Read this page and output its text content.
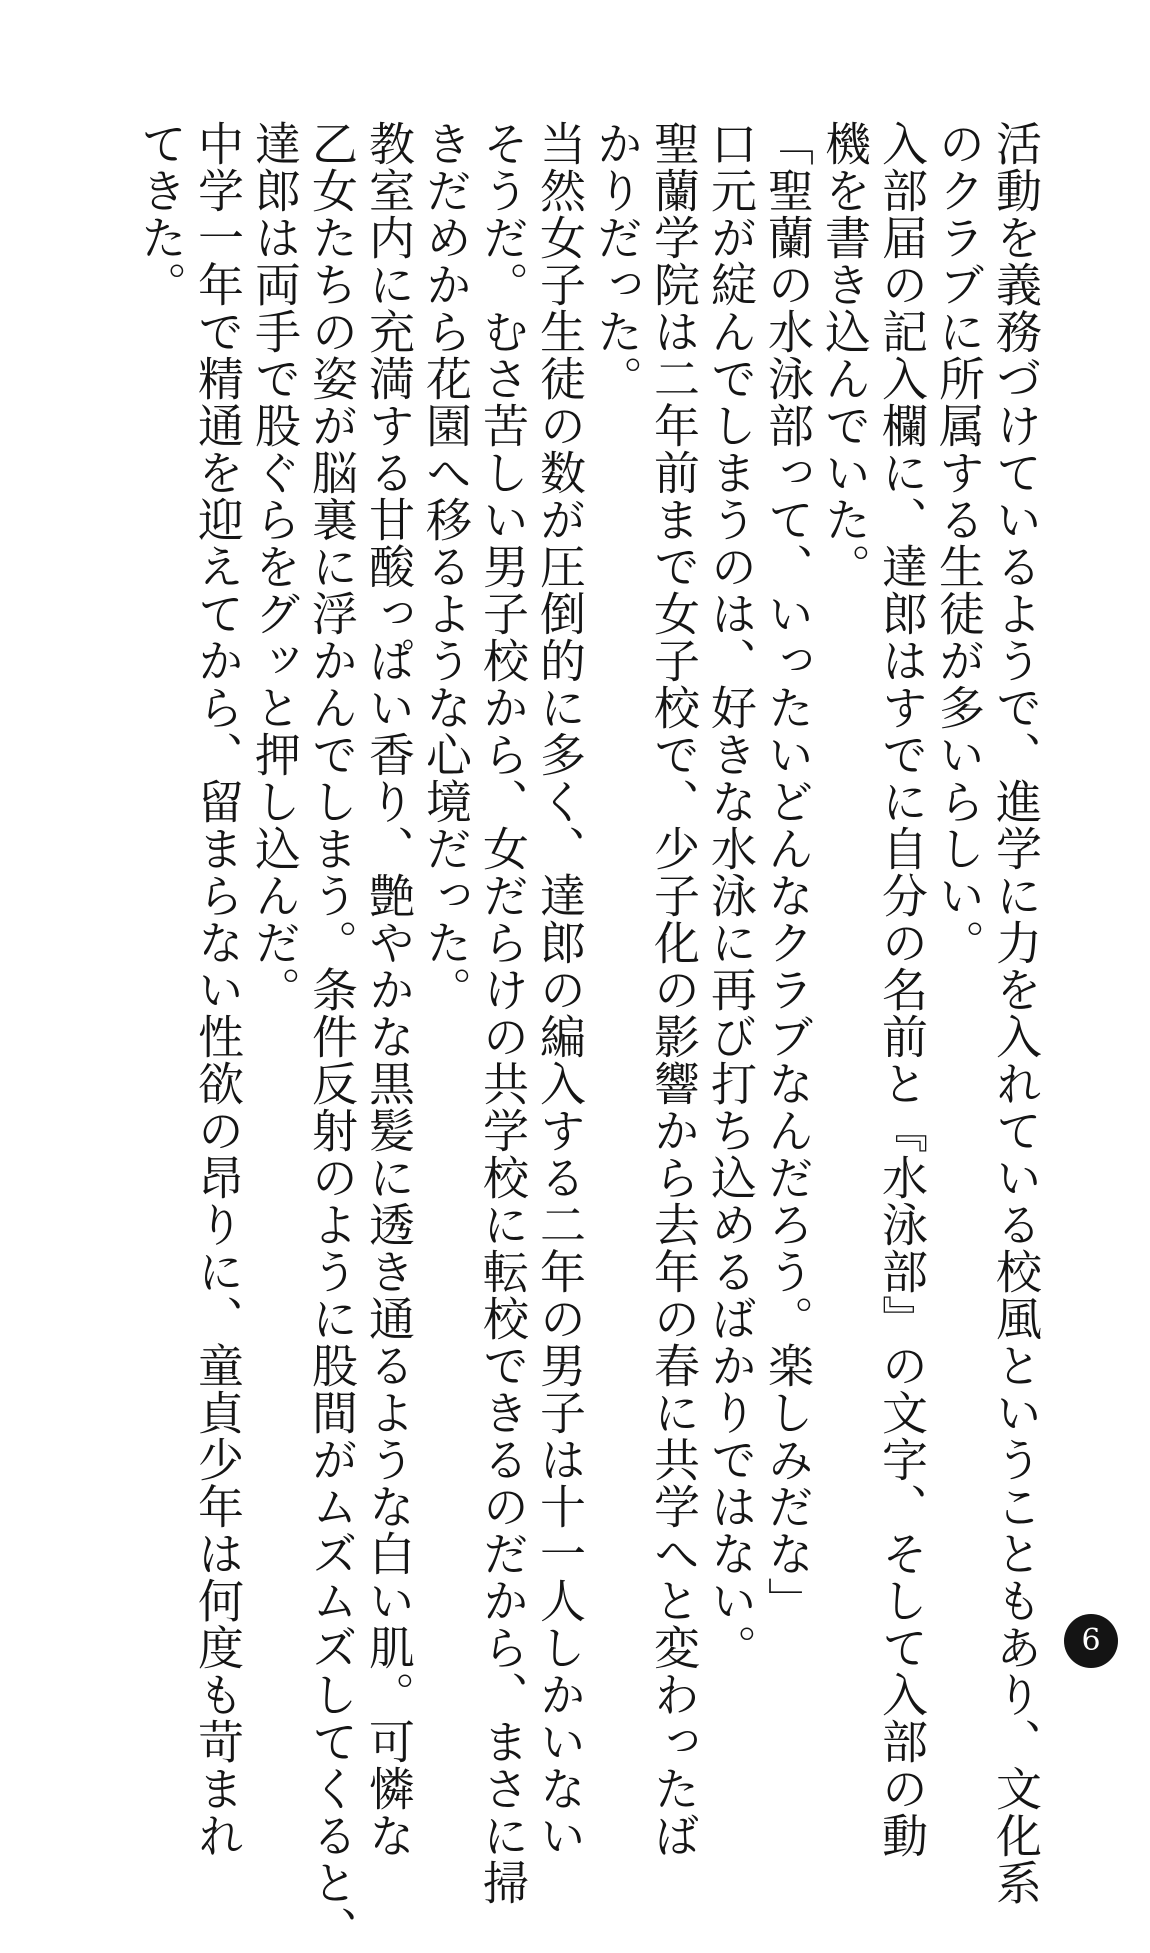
活動を義務づけているようで、進学に力を入れている校風ということもあり、文化系
のクラブに所属する生徒が多いらしい。
入部届の記入欄に、達郎はすでに自分の名前と『水泳部』の文字、そして入部の動
機を書き込んでいた。
「聖蘭の水泳部って、いったいどんなクラブなんだろう。楽しみだな」
口元が綻んでしまうのは、好きな水泳に再び打ち込めるばかりではない。
聖蘭学院は二年前まで女子校で、少子化の影響から去年の春に共学へと変わったば
かりだった。
当然女子生徒の数が圧倒的に多く、達郎の編入する二年の男子は十一人しかいない
そうだ。むさ苦しい男子校から、女だらけの共学校に転校できるのだから、まさに掃
きだめから花園へ移るような心境だった。
教室内に充満する甘酸っぱい香り、艶やかな黒髪に透き通るような白い肌。可憐な
乙女たちの姿が脳裏に浮かんでしまう。条件反射のように股間がムズムズしてくると、
達郎は両手で股ぐらをグッと押し込んだ。
中学一年で精通を迎えてから、留まらない性欲の昂りに、童貞少年は何度も苛まれ
てきた。
6
